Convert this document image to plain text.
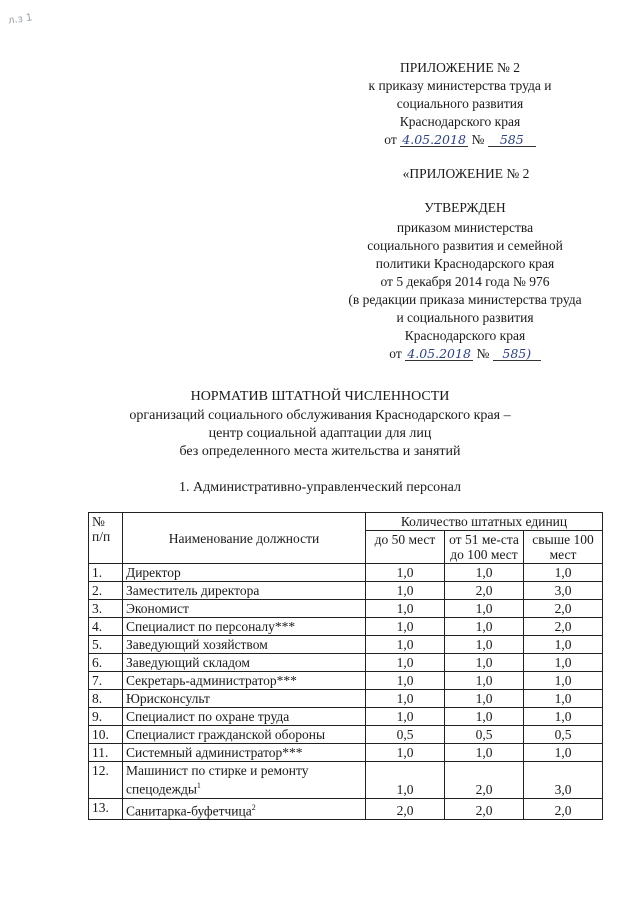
л.з 1
ПРИЛОЖЕНИЕ № 2
к приказу министерства труда и
социального развития
Краснодарского края
от 4.05.2018 № 585
«ПРИЛОЖЕНИЕ № 2
УТВЕРЖДЕН
приказом министерства
социального развития и семейной
политики Краснодарского края
от 5 декабря 2014 года № 976
(в редакции приказа министерства труда
и социального развития
Краснодарского края
от 4.05.2018 № 585)
НОРМАТИВ ШТАТНОЙ ЧИСЛЕННОСТИ
организаций социального обслуживания Краснодарского края –
центр социальной адаптации для лиц
без определенного места жительства и занятий
1. Административно-управленческий персонал
№ п/п	Наименование должности	Количество штатных единиц		
		до 50 мест	от 51 ме-ста до 100 мест	свыше 100 мест
1.	Директор	1,0	1,0	1,0
2.	Заместитель директора	1,0	2,0	3,0
3.	Экономист	1,0	1,0	2,0
4.	Специалист по персоналу***	1,0	1,0	2,0
5.	Заведующий хозяйством	1,0	1,0	1,0
6.	Заведующий складом	1,0	1,0	1,0
7.	Секретарь-администратор***	1,0	1,0	1,0
8.	Юрисконсульт	1,0	1,0	1,0
9.	Специалист по охране труда	1,0	1,0	1,0
10.	Специалист гражданской обороны	0,5	0,5	0,5
11.	Системный администратор***	1,0	1,0	1,0
12.	Машинист по стирке и ремонту спецодежды$^1$	1,0	2,0	3,0
13.	Санитарка-буфетчица$^2$	2,0	2,0	2,0
